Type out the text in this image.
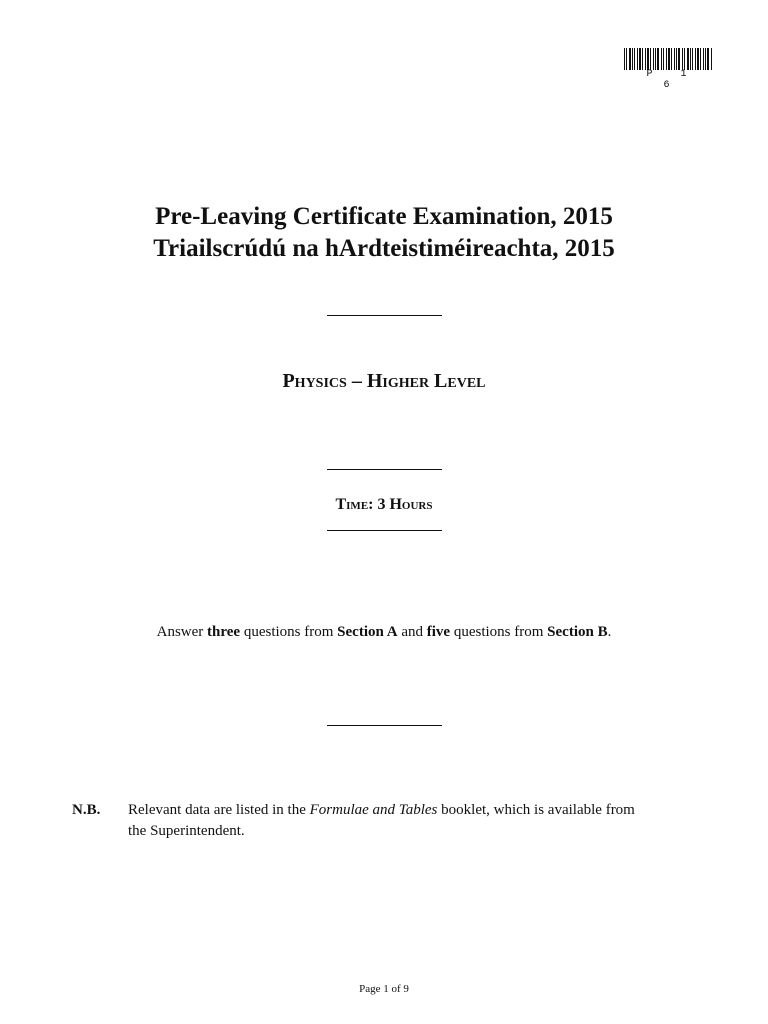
P 1 6
Pre-Leaving Certificate Examination, 2015
Triailscrúdú na hArdteistiméireachta, 2015
Physics – Higher Level
Time: 3 Hours
Answer three questions from Section A and five questions from Section B.
N.B. Relevant data are listed in the Formulae and Tables booklet, which is available from the Superintendent.
Page 1 of 9
